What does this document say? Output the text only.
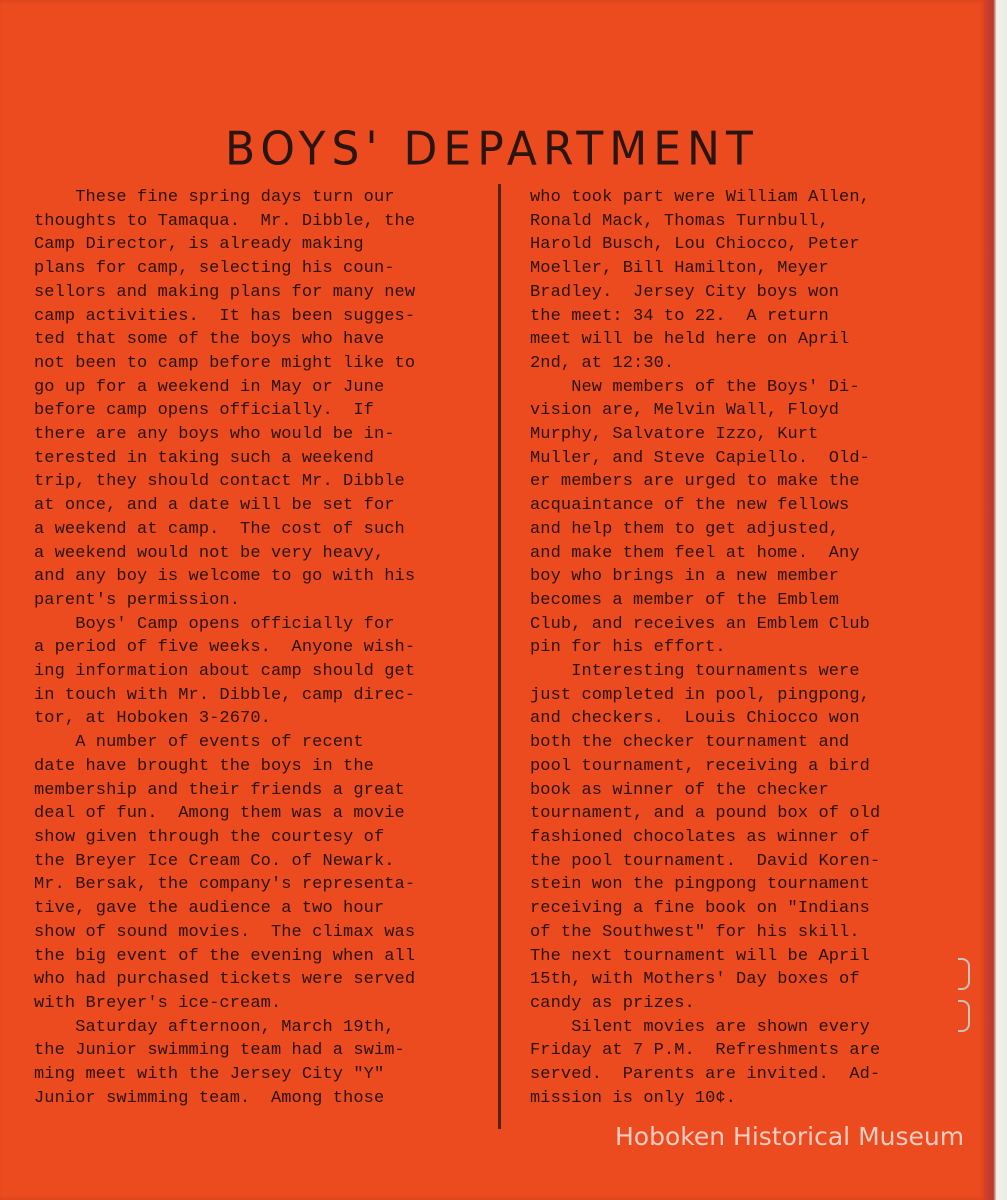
BOYS' DEPARTMENT

These fine spring days turn our

thoughts to Tamaqua.  Mr. Dibble, the

Camp Director, is already making

plans for camp, selecting his coun-

sellors and making plans for many new

camp activities.  It has been sugges-

ted that some of the boys who have

not been to camp before might like to

go up for a weekend in May or June

before camp opens officially.  If

there are any boys who would be in-

terested in taking such a weekend

trip, they should contact Mr. Dibble

at once, and a date will be set for

a weekend at camp.  The cost of such

a weekend would not be very heavy,

and any boy is welcome to go with his

parent's permission.

Boys' Camp opens officially for

a period of five weeks.  Anyone wish-

ing information about camp should get

in touch with Mr. Dibble, camp direc-

tor, at Hoboken 3-2670.

A number of events of recent

date have brought the boys in the

membership and their friends a great

deal of fun.  Among them was a movie

show given through the courtesy of

the Breyer Ice Cream Co. of Newark.

Mr. Bersak, the company's representa-

tive, gave the audience a two hour

show of sound movies.  The climax was

the big event of the evening when all

who had purchased tickets were served

with Breyer's ice-cream.

Saturday afternoon, March 19th,

the Junior swimming team had a swim-

ming meet with the Jersey City "Y"

Junior swimming team.  Among those

who took part were William Allen,

Ronald Mack, Thomas Turnbull,

Harold Busch, Lou Chiocco, Peter

Moeller, Bill Hamilton, Meyer

Bradley.  Jersey City boys won

the meet: 34 to 22.  A return

meet will be held here on April

2nd, at 12:30.

New members of the Boys' Di-

vision are, Melvin Wall, Floyd

Murphy, Salvatore Izzo, Kurt

Muller, and Steve Capiello.  Old-

er members are urged to make the

acquaintance of the new fellows

and help them to get adjusted,

and make them feel at home.  Any

boy who brings in a new member

becomes a member of the Emblem

Club, and receives an Emblem Club

pin for his effort.

Interesting tournaments were

just completed in pool, pingpong,

and checkers.  Louis Chiocco won

both the checker tournament and

pool tournament, receiving a bird

book as winner of the checker

tournament, and a pound box of old

fashioned chocolates as winner of

the pool tournament.  David Koren-

stein won the pingpong tournament

receiving a fine book on "Indians

of the Southwest" for his skill.

The next tournament will be April

15th, with Mothers' Day boxes of

candy as prizes.

Silent movies are shown every

Friday at 7 P.M.  Refreshments are

served.  Parents are invited.  Ad-

mission is only 10¢.

Hoboken Historical Museum
